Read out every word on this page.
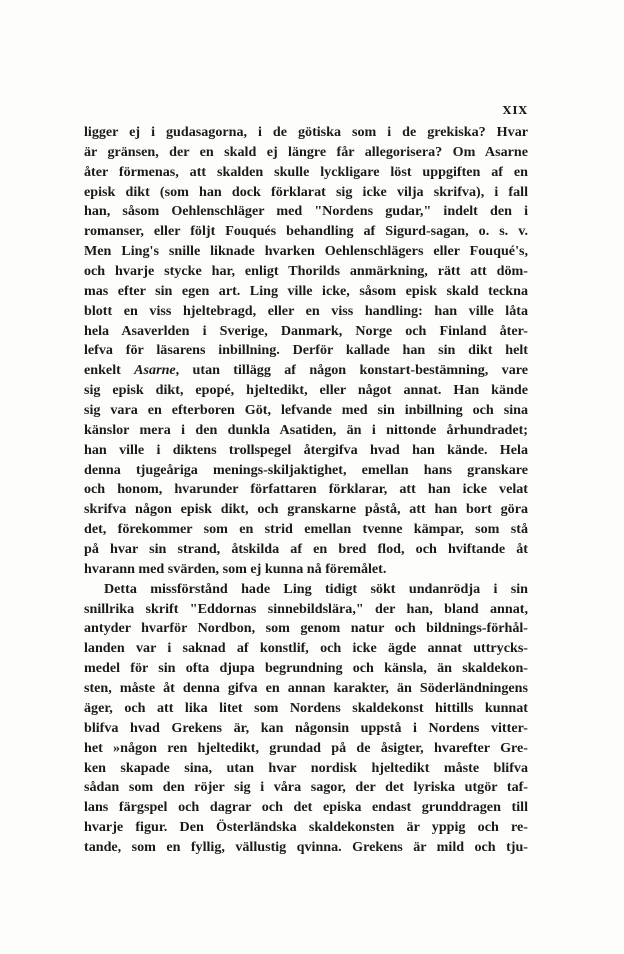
XIX
ligger ej i gudasagorna, i de götiska som i de grekiska? Hvar
är gränsen, der en skald ej längre får allegorisera? Om Asarne
åter förmenas, att skalden skulle lyckligare löst uppgiften af en
episk dikt (som han dock förklarat sig icke vilja skrifva), i fall
han, såsom Oehlenschläger med "Nordens gudar," indelt den i
romanser, eller följt Fouqués behandling af Sigurd-sagan, o. s. v.
Men Ling's snille liknade hvarken Oehlenschlägers eller Fouqué's,
och hvarje stycke har, enligt Thorilds anmärkning, rätt att döm-
mas efter sin egen art. Ling ville icke, såsom episk skald teckna
blott en viss hjeltebragd, eller en viss handling: han ville låta
hela Asaverlden i Sverige, Danmark, Norge och Finland åter-
lefva för läsarens inbillning. Derför kallade han sin dikt helt
enkelt Asarne, utan tillägg af någon konstart-bestämning, vare
sig episk dikt, epopé, hjeltedikt, eller något annat. Han kände
sig vara en efterboren Göt, lefvande med sin inbillning och sina
känslor mera i den dunkla Asatiden, än i nittonde århundradet;
han ville i diktens trollspegel återgifva hvad han kände. Hela
denna tjugeåriga menings-skiljaktighet, emellan hans granskare
och honom, hvarunder författaren förklarar, att han icke velat
skrifva någon episk dikt, och granskarne påstå, att han bort göra
det, förekommer som en strid emellan tvenne kämpar, som stå
på hvar sin strand, åtskilda af en bred flod, och hviftande åt
hvarann med svärden, som ej kunna nå föremålet.
Detta missförstånd hade Ling tidigt sökt undanrödja i sin
snillrika skrift "Eddornas sinnebildslära," der han, bland annat,
antyder hvarför Nordbon, som genom natur och bildnings-förhål-
landen var i saknad af konstlif, och icke ägde annat uttrycks-
medel för sin ofta djupa begrundning och känsla, än skaldekon-
sten, måste åt denna gifva en annan karakter, än Söderländningens
äger, och att lika litet som Nordens skaldekonst hittills kunnat
blifva hvad Grekens är, kan någonsin uppstå i Nordens vitter-
het »någon ren hjeltedikt, grundad på de åsigter, hvarefter Gre-
ken skapade sina, utan hvar nordisk hjeltedikt måste blifva
sådan som den röjer sig i våra sagor, der det lyriska utgör taf-
lans färgspel och dagrar och det episka endast grunddragen till
hvarje figur. Den Österländska skaldekonsten är yppig och re-
tande, som en fyllig, vällustig qvinna. Grekens är mild och tju-
